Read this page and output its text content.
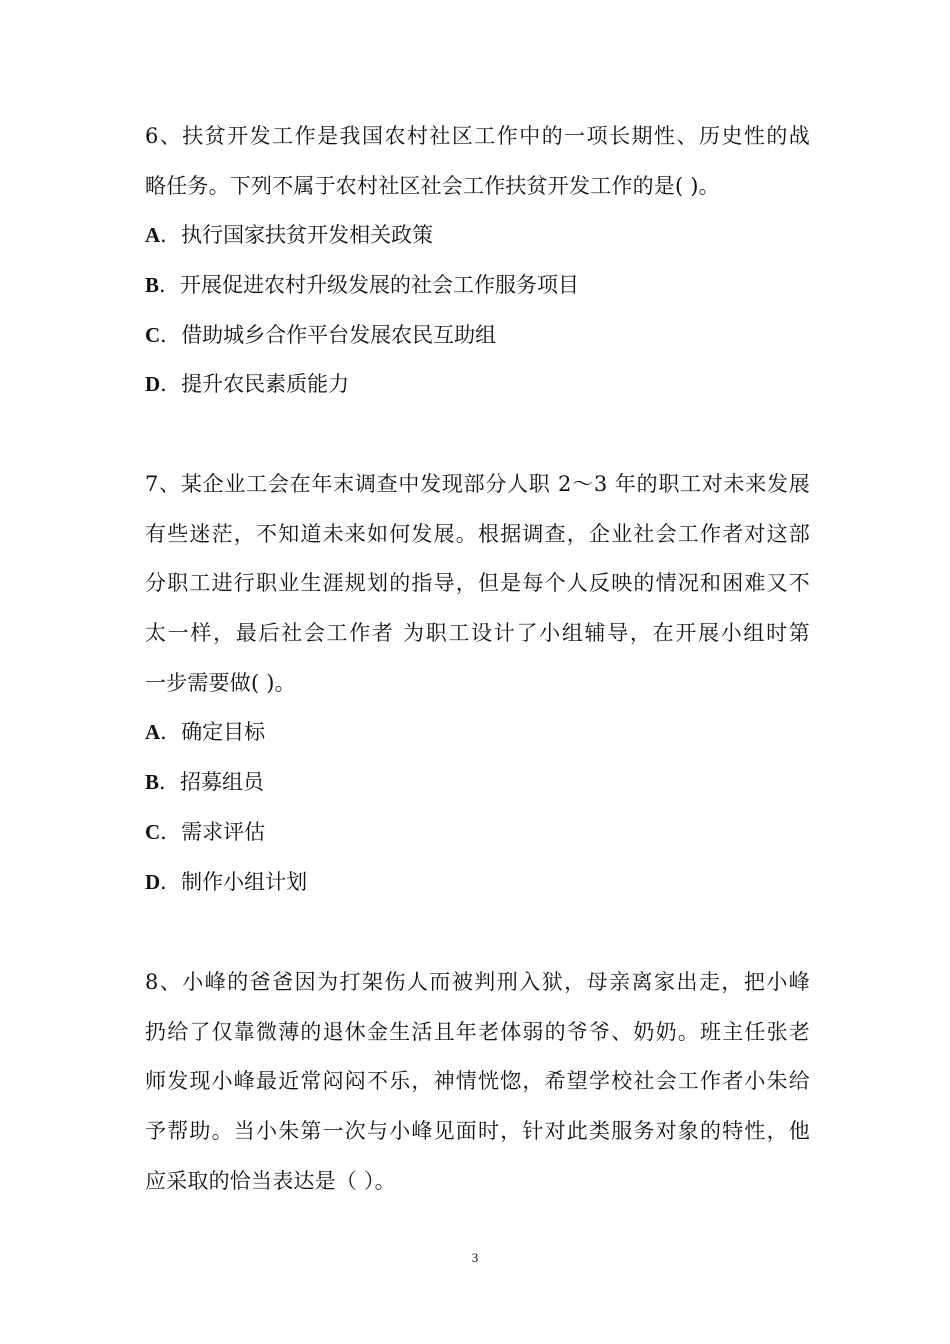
6、扶贫开发工作是我国农村社区工作中的一项长期性、历史性的战
略任务。下列不属于农村社区社会工作扶贫开发工作的是( )。
A．执行国家扶贫开发相关政策
B．开展促进农村升级发展的社会工作服务项目
C．借助城乡合作平台发展农民互助组
D．提升农民素质能力
7、某企业工会在年末调查中发现部分人职 2～3 年的职工对未来发展
有些迷茫，不知道未来如何发展。根据调查，企业社会工作者对这部
分职工进行职业生涯规划的指导，但是每个人反映的情况和困难又不
太一样，最后社会工作者 为职工设计了小组辅导，在开展小组时第
一步需要做( )。
A．确定目标
B．招募组员
C．需求评估
D．制作小组计划
8、小峰的爸爸因为打架伤人而被判刑入狱，母亲离家出走，把小峰
扔给了仅靠微薄的退休金生活且年老体弱的爷爷、奶奶。班主任张老
师发现小峰最近常闷闷不乐，神情恍惚，希望学校社会工作者小朱给
予帮助。当小朱第一次与小峰见面时，针对此类服务对象的特性，他
应采取的恰当表达是（ ）。
3
